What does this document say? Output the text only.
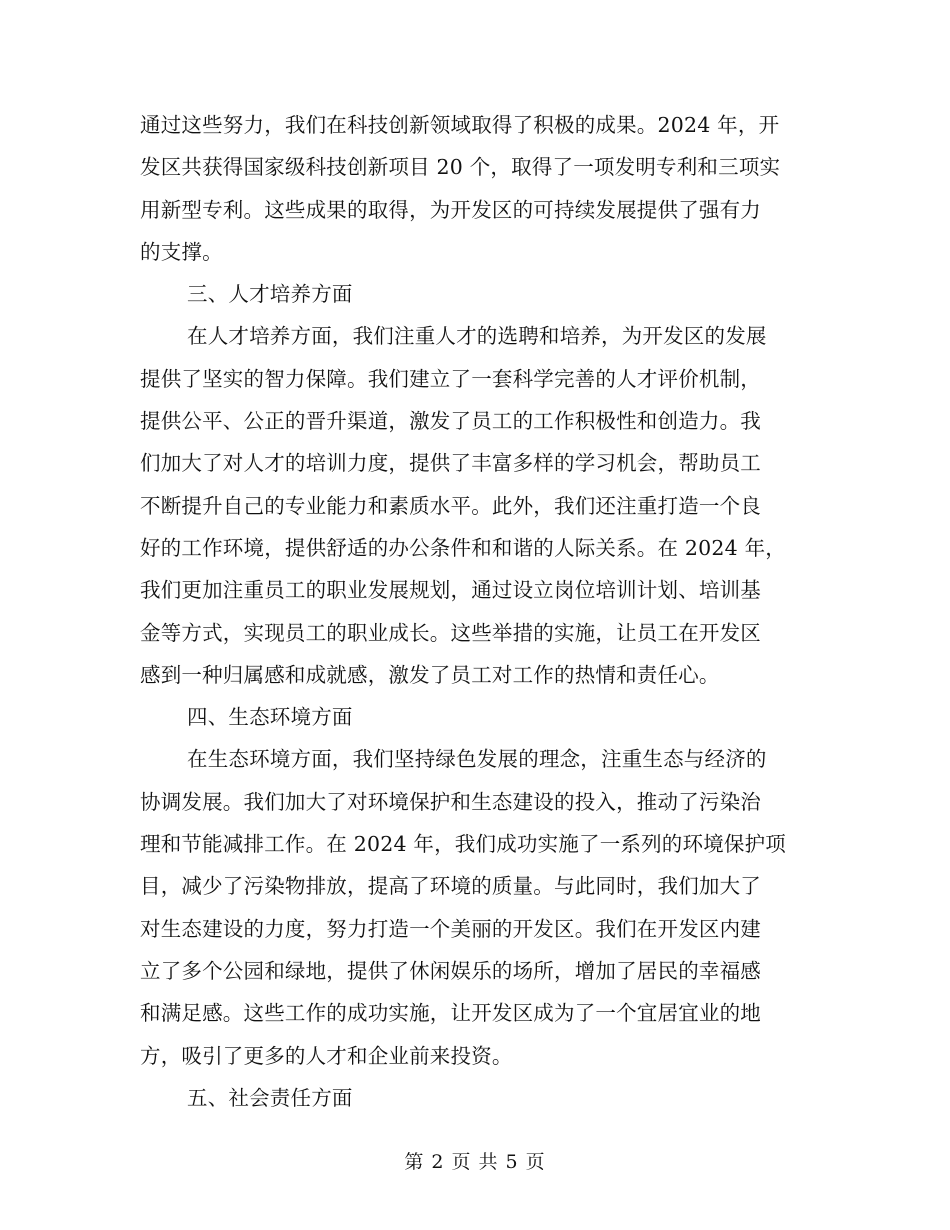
通过这些努力，我们在科技创新领域取得了积极的成果。2024 年，开
发区共获得国家级科技创新项目 20 个，取得了一项发明专利和三项实
用新型专利。这些成果的取得，为开发区的可持续发展提供了强有力
的支撑。
三、人才培养方面
在人才培养方面，我们注重人才的选聘和培养，为开发区的发展
提供了坚实的智力保障。我们建立了一套科学完善的人才评价机制，
提供公平、公正的晋升渠道，激发了员工的工作积极性和创造力。我
们加大了对人才的培训力度，提供了丰富多样的学习机会，帮助员工
不断提升自己的专业能力和素质水平。此外，我们还注重打造一个良
好的工作环境，提供舒适的办公条件和和谐的人际关系。在 2024 年，
我们更加注重员工的职业发展规划，通过设立岗位培训计划、培训基
金等方式，实现员工的职业成长。这些举措的实施，让员工在开发区
感到一种归属感和成就感，激发了员工对工作的热情和责任心。
四、生态环境方面
在生态环境方面，我们坚持绿色发展的理念，注重生态与经济的
协调发展。我们加大了对环境保护和生态建设的投入，推动了污染治
理和节能减排工作。在 2024 年，我们成功实施了一系列的环境保护项
目，减少了污染物排放，提高了环境的质量。与此同时，我们加大了
对生态建设的力度，努力打造一个美丽的开发区。我们在开发区内建
立了多个公园和绿地，提供了休闲娱乐的场所，增加了居民的幸福感
和满足感。这些工作的成功实施，让开发区成为了一个宜居宜业的地
方，吸引了更多的人才和企业前来投资。
五、社会责任方面
第 2 页 共 5 页
